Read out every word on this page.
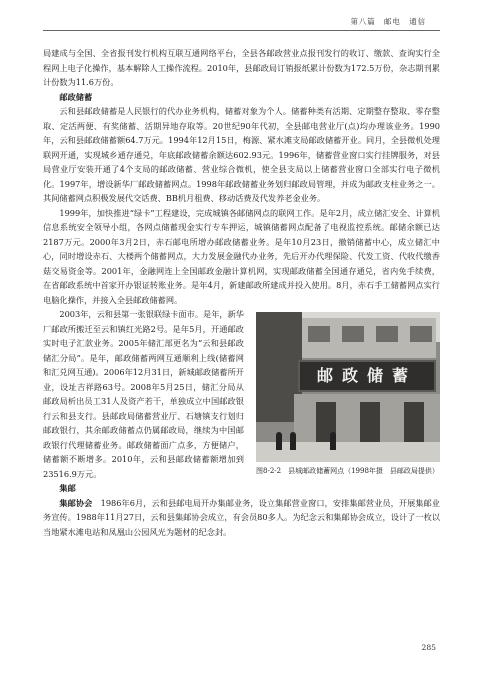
第八篇　邮电　通信

局建成与全国、全省报刊发行机构互联互通网络平台，全县各邮政营业点报刊发行的收订、缴款、查询实行全程网上电子化操作，基本解除人工操作流程。2010年，县邮政局订销报纸累计份数为172.5万份，杂志期刊累计份数为11.6万份。

邮政储蓄

云和县邮政储蓄是人民银行的代办业务机构，储蓄对象为个人。储蓄种类有活期、定期整存整取、零存整取、定活两便、有奖储蓄、活期异地存取等。20世纪90年代初，全县邮电营业厅(点)均办理该业务。1990年，云和县邮政储蓄额64.7万元。1994年12月15日，梅源、紧水滩支局邮政储蓄开业。同月，全县微机处理联网开通，实现城乡通存通兑，年底邮政储蓄余额达602.93元。1996年，储蓄营业窗口实行挂牌服务，对县局营业厅安装开通了4个支局的邮政储蓄、营业综合微机，使全县支局以上储蓄营业窗口全部实行电子微机化。1997年，增设新华厂邮政储蓄网点。1998年邮政储蓄业务划归邮政局管理，并成为邮政支柱业务之一。其间储蓄网点积极发展代交话费、BB机月租费、移动话费及代发养老金业务。

1999年，加快推进“绿卡”工程建设，完成城镇各邮储网点的联网工作。是年2月，成立储汇安全、计算机信息系统安全领导小组，各网点储蓄现金实行专车押运，城镇储蓄网点配备了电视监控系统。邮储余额已达2187万元。2000年3月2日，赤石邮电所增办邮政储蓄业务。是年10月23日，撤销储蓄中心，成立储汇中心，同时增设赤石、大楼两个储蓄网点，大力发展金融代办业务，先后开办代理保险、代发工资、代收代缴香菇交易资金等。2001年，金融网连上全国邮政金融计算机网，实现邮政储蓄全国通存通兑，省内免手续费，在省邮政系统中首家开办银证转账业务。是年4月，新建邮政所建成并投入使用。8月，赤石手工储蓄网点实行电脑化操作，并接入全县邮政储蓄网。

邮政储蓄
图8-2-2　县城邮政储蓄网点（1998年摄　县邮政局提供）

2003年，云和县第一张银联绿卡面市。是年，新华厂邮政所搬迁至云和镇红光路2号。是年5月，开通邮政实时电子汇款业务。2005年储汇部更名为“云和县邮政储汇分局”。是年，邮政储蓄两网互通顺利上线(储蓄网和汇兑网互通)。2006年12月31日，新城邮政储蓄所开业，设址吉祥路63号。2008年5月25日，储汇分局从邮政局析出员工31人及资产若干，单独成立中国邮政银行云和县支行。县邮政局储蓄营业厅、石塘镇支行划归邮政银行，其余邮政储蓄点仍属邮政局，继续为中国邮政银行代理储蓄业务。邮政储蓄面广点多，方便储户，储蓄额不断增多。2010年，云和县邮政储蓄额增加到23516.9万元。

集邮

集邮协会　1986年6月，云和县邮电局开办集邮业务，设立集邮营业窗口，安排集邮营业员，开展集邮业务宣传。1988年11月27日，云和县集邮协会成立，有会员80多人。为纪念云和集邮协会成立，设计了一枚以当地紧水滩电站和凤凰山公园风光为题材的纪念封。

285
